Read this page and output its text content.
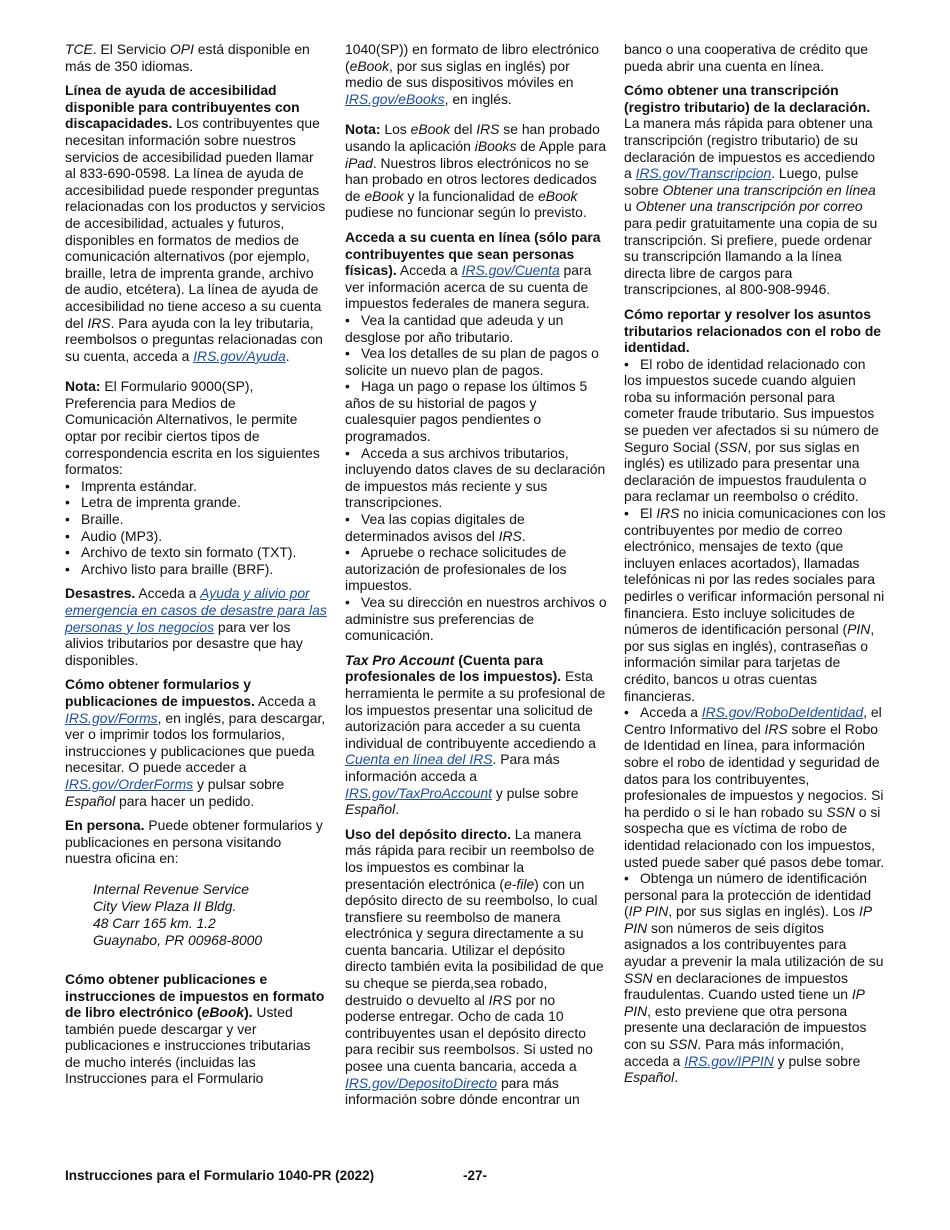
TCE. El Servicio OPI está disponible en más de 350 idiomas.

Línea de ayuda de accesibilidad disponible para contribuyentes con discapacidades. Los contribuyentes que necesitan información sobre nuestros servicios de accesibilidad pueden llamar al 833-690-0598. La línea de ayuda de accesibilidad puede responder preguntas relacionadas con los productos y servicios de accesibilidad, actuales y futuros, disponibles en formatos de medios de comunicación alternativos (por ejemplo, braille, letra de imprenta grande, archivo de audio, etcétera). La línea de ayuda de accesibilidad no tiene acceso a su cuenta del IRS. Para ayuda con la ley tributaria, reembolsos o preguntas relacionadas con su cuenta, acceda a IRS.gov/Ayuda.

Nota: El Formulario 9000(SP), Preferencia para Medios de Comunicación Alternativos, le permite optar por recibir ciertos tipos de correspondencia escrita en los siguientes formatos:
• Imprenta estándar.
• Letra de imprenta grande.
• Braille.
• Audio (MP3).
• Archivo de texto sin formato (TXT).
• Archivo listo para braille (BRF).

Desastres. Acceda a Ayuda y alivio por emergencia en casos de desastre para las personas y los negocios para ver los alivios tributarios por desastre que hay disponibles.

Cómo obtener formularios y publicaciones de impuestos. Acceda a IRS.gov/Forms, en inglés, para descargar, ver o imprimir todos los formularios, instrucciones y publicaciones que pueda necesitar. O puede acceder a IRS.gov/OrderForms y pulsar sobre Español para hacer un pedido.

En persona. Puede obtener formularios y publicaciones en persona visitando nuestra oficina en:

Internal Revenue Service
City View Plaza II Bldg.
48 Carr 165 km. 1.2
Guaynabo, PR 00968-8000

Cómo obtener publicaciones e instrucciones de impuestos en formato de libro electrónico (eBook). Usted también puede descargar y ver publicaciones e instrucciones tributarias de mucho interés (incluidas las Instrucciones para el Formulario

1040(SP)) en formato de libro electrónico (eBook, por sus siglas en inglés) por medio de sus dispositivos móviles en IRS.gov/eBooks, en inglés.

Nota: Los eBook del IRS se han probado usando la aplicación iBooks de Apple para iPad. Nuestros libros electrónicos no se han probado en otros lectores dedicados de eBook y la funcionalidad de eBook pudiese no funcionar según lo previsto.

Acceda a su cuenta en línea (sólo para contribuyentes que sean personas físicas). Acceda a IRS.gov/Cuenta para ver información acerca de su cuenta de impuestos federales de manera segura.
• Vea la cantidad que adeuda y un desglose por año tributario.
• Vea los detalles de su plan de pagos o solicite un nuevo plan de pagos.
• Haga un pago o repase los últimos 5 años de su historial de pagos y cualesquier pagos pendientes o programados.
• Acceda a sus archivos tributarios, incluyendo datos claves de su declaración de impuestos más reciente y sus transcripciones.
• Vea las copias digitales de determinados avisos del IRS.
• Apruebe o rechace solicitudes de autorización de profesionales de los impuestos.
• Vea su dirección en nuestros archivos o administre sus preferencias de comunicación.

Tax Pro Account (Cuenta para profesionales de los impuestos). Esta herramienta le permite a su profesional de los impuestos presentar una solicitud de autorización para acceder a su cuenta individual de contribuyente accediendo a Cuenta en línea del IRS. Para más información acceda a IRS.gov/TaxProAccount y pulse sobre Español.

Uso del depósito directo. La manera más rápida para recibir un reembolso de los impuestos es combinar la presentación electrónica (e-file) con un depósito directo de su reembolso, lo cual transfiere su reembolso de manera electrónica y segura directamente a su cuenta bancaria. Utilizar el depósito directo también evita la posibilidad de que su cheque se pierda,sea robado, destruido o devuelto al IRS por no poderse entregar. Ocho de cada 10 contribuyentes usan el depósito directo para recibir sus reembolsos. Si usted no posee una cuenta bancaria, acceda a IRS.gov/DepositoDirecto para más información sobre dónde encontrar un

banco o una cooperativa de crédito que pueda abrir una cuenta en línea.

Cómo obtener una transcripción (registro tributario) de la declaración. La manera más rápida para obtener una transcripción (registro tributario) de su declaración de impuestos es accediendo a IRS.gov/Transcripcion. Luego, pulse sobre Obtener una transcripción en línea u Obtener una transcripción por correo para pedir gratuitamente una copia de su transcripción. Si prefiere, puede ordenar su transcripción llamando a la línea directa libre de cargos para transcripciones, al 800-908-9946.

Cómo reportar y resolver los asuntos tributarios relacionados con el robo de identidad.
• El robo de identidad relacionado con los impuestos sucede cuando alguien roba su información personal para cometer fraude tributario. Sus impuestos se pueden ver afectados si su número de Seguro Social (SSN, por sus siglas en inglés) es utilizado para presentar una declaración de impuestos fraudulenta o para reclamar un reembolso o crédito.
• El IRS no inicia comunicaciones con los contribuyentes por medio de correo electrónico, mensajes de texto (que incluyen enlaces acortados), llamadas telefónicas ni por las redes sociales para pedirles o verificar información personal ni financiera. Esto incluye solicitudes de números de identificación personal (PIN, por sus siglas en inglés), contraseñas o información similar para tarjetas de crédito, bancos u otras cuentas financieras.
• Acceda a IRS.gov/RoboDeIdentidad, el Centro Informativo del IRS sobre el Robo de Identidad en línea, para información sobre el robo de identidad y seguridad de datos para los contribuyentes, profesionales de impuestos y negocios. Si ha perdido o si le han robado su SSN o si sospecha que es víctima de robo de identidad relacionado con los impuestos, usted puede saber qué pasos debe tomar.
• Obtenga un número de identificación personal para la protección de identidad (IP PIN, por sus siglas en inglés). Los IP PIN son números de seis dígitos asignados a los contribuyentes para ayudar a prevenir la mala utilización de su SSN en declaraciones de impuestos fraudulentas. Cuando usted tiene un IP PIN, esto previene que otra persona presente una declaración de impuestos con su SSN. Para más información, acceda a IRS.gov/IPPIN y pulse sobre Español.
Instrucciones para el Formulario 1040-PR (2022)	-27-
